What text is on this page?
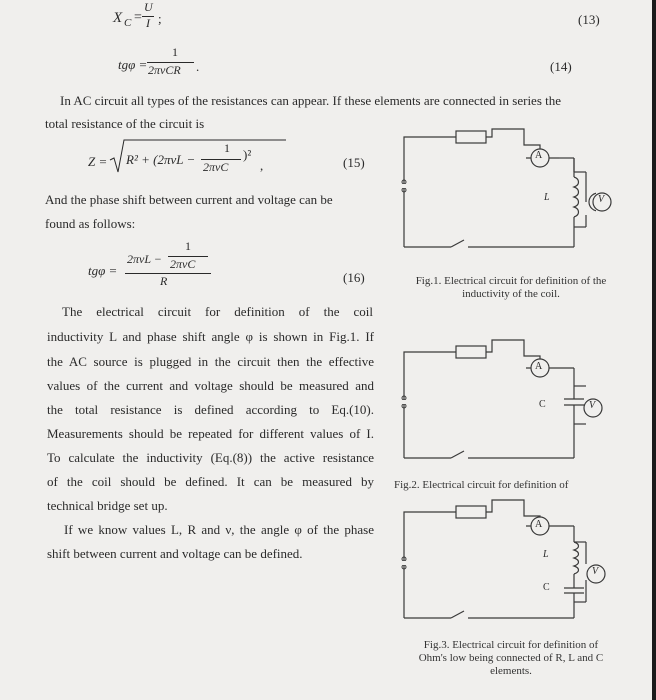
X C =
U
I ;	(13)
tgφ =
1
2πνCR .	(14)
In AC circuit all types of the resistances can appear. If these elements are connected in series the
total resistance of the circuit is
Z = R² + (2πνL −
1
2πνC
)²
,	(15)
And the phase shift between current and voltage can be
found as follows:
tgφ =
2πνL −
1
2πνC
R	(16)
The electrical circuit for definition of the coil
inductivity L and phase shift angle φ is shown in Fig.1. If
the AC source is plugged in the circuit then the effective
values of the current and voltage should be measured and
the total resistance is defined according to Eq.(10).
Measurements should be repeated for different values of I.
To calculate the inductivity (Eq.(8)) the active resistance
of the coil should be defined. It can be measured by
technical bridge set up.
If we know values L, R and ν, the angle φ of the phase
shift between current and voltage can be defined.
A
L	V
Fig.1. Electrical circuit for definition of the
inductivity of the coil.
A
C	V
Fig.2. Electrical circuit for definition of
A
L
C
V
Fig.3. Electrical circuit for definition of
Ohm's low being connected of R, L and C
elements.
